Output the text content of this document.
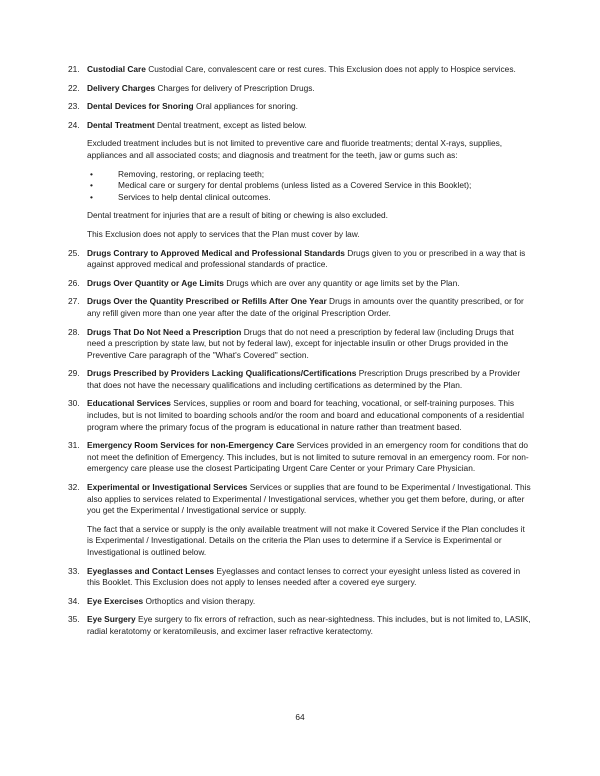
21. Custodial Care Custodial Care, convalescent care or rest cures. This Exclusion does not apply to Hospice services.
22. Delivery Charges Charges for delivery of Prescription Drugs.
23. Dental Devices for Snoring Oral appliances for snoring.
24. Dental Treatment Dental treatment, except as listed below.
Excluded treatment includes but is not limited to preventive care and fluoride treatments; dental X-rays, supplies, appliances and all associated costs; and diagnosis and treatment for the teeth, jaw or gums such as:
•	Removing, restoring, or replacing teeth;
•	Medical care or surgery for dental problems (unless listed as a Covered Service in this Booklet);
•	Services to help dental clinical outcomes.
Dental treatment for injuries that are a result of biting or chewing is also excluded.
This Exclusion does not apply to services that the Plan must cover by law.
25. Drugs Contrary to Approved Medical and Professional Standards Drugs given to you or prescribed in a way that is against approved medical and professional standards of practice.
26. Drugs Over Quantity or Age Limits Drugs which are over any quantity or age limits set by the Plan.
27. Drugs Over the Quantity Prescribed or Refills After One Year Drugs in amounts over the quantity prescribed, or for any refill given more than one year after the date of the original Prescription Order.
28. Drugs That Do Not Need a Prescription Drugs that do not need a prescription by federal law (including Drugs that need a prescription by state law, but not by federal law), except for injectable insulin or other Drugs provided in the Preventive Care paragraph of the "What's Covered" section.
29. Drugs Prescribed by Providers Lacking Qualifications/Certifications Prescription Drugs prescribed by a Provider that does not have the necessary qualifications and including certifications as determined by the Plan.
30. Educational Services Services, supplies or room and board for teaching, vocational, or self-training purposes. This includes, but is not limited to boarding schools and/or the room and board and educational components of a residential program where the primary focus of the program is educational in nature rather than treatment based.
31. Emergency Room Services for non-Emergency Care Services provided in an emergency room for conditions that do not meet the definition of Emergency. This includes, but is not limited to suture removal in an emergency room. For non-emergency care please use the closest Participating Urgent Care Center or your Primary Care Physician.
32. Experimental or Investigational Services Services or supplies that are found to be Experimental / Investigational. This also applies to services related to Experimental / Investigational services, whether you get them before, during, or after you get the Experimental / Investigational service or supply.
The fact that a service or supply is the only available treatment will not make it Covered Service if the Plan concludes it is Experimental / Investigational. Details on the criteria the Plan uses to determine if a Service is Experimental or Investigational is outlined below.
33. Eyeglasses and Contact Lenses Eyeglasses and contact lenses to correct your eyesight unless listed as covered in this Booklet. This Exclusion does not apply to lenses needed after a covered eye surgery.
34. Eye Exercises Orthoptics and vision therapy.
35. Eye Surgery Eye surgery to fix errors of refraction, such as near-sightedness. This includes, but is not limited to, LASIK, radial keratotomy or keratomileusis, and excimer laser refractive keratectomy.
64
